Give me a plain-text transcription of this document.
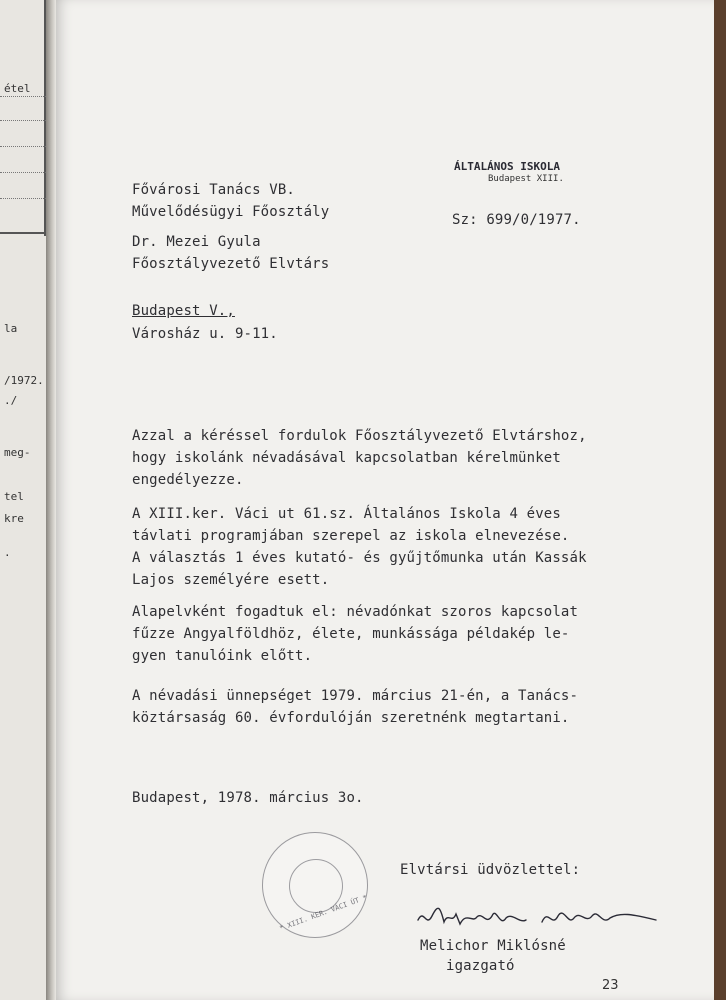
étel
la
/1972.
./
meg-
tel
kre
.
ÁLTALÁNOS ISKOLA
Budapest XIII.
Sz: 699/0/1977.
Fővárosi Tanács VB.
Művelődésügyi Főosztály
Dr. Mezei Gyula
Főosztályvezető Elvtárs
Budapest V.,
Városház u. 9-11.
Azzal a kéréssel fordulok Főosztályvezető Elvtárshoz,
hogy iskolánk névadásával kapcsolatban kérelmünket
engedélyezze.
A XIII.ker. Váci ut 61.sz. Általános Iskola 4 éves
távlati programjában szerepel az iskola elnevezése.
A választás 1 éves kutató- és gyűjtőmunka után Kassák
Lajos személyére esett.
Alapelvként fogadtuk el: névadónkat szoros kapcsolat
fűzze Angyalföldhöz, élete, munkássága példakép le-
gyen tanulóink előtt.
A névadási ünnepséget 1979. március 21-én, a Tanács-
köztársaság 60. évfordulóján szeretnénk megtartani.
Budapest, 1978. március 3o.
* XIII. KER. VÁCI ÚT *
Elvtársi üdvözlettel:
Melichor Miklósné
igazgató
23
